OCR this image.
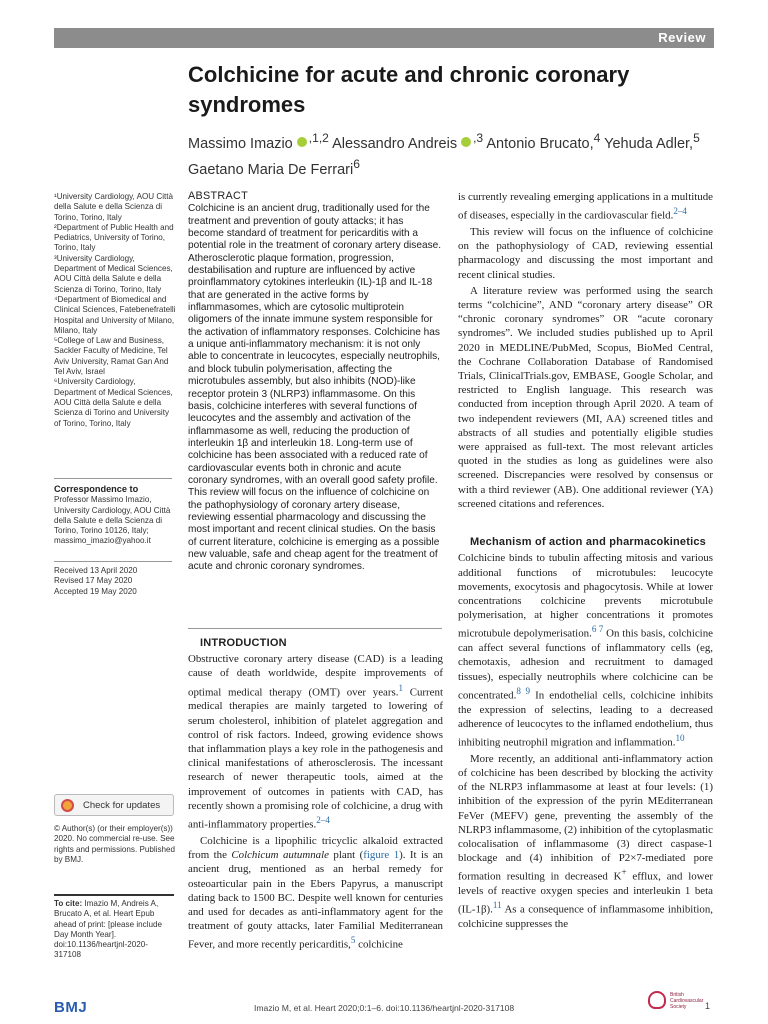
Review
Colchicine for acute and chronic coronary syndromes
Massimo Imazio $^{,1,2}$ Alessandro Andreis $^{,3}$ Antonio Brucato,$^4$ Yehuda Adler,$^5$
Gaetano Maria De Ferrari$^6$

¹University Cardiology, AOU Città della Salute e della Scienza di Torino, Torino, Italy

²Department of Public Health and Pediatrics, University of Torino, Torino, Italy

³University Cardiology, Department of Medical Sciences, AOU Città della Salute e della Scienza di Torino, Torino, Italy

⁴Department of Biomedical and Clinical Sciences, Fatebenefratelli Hospital and University of Milano, Milano, Italy

⁵College of Law and Business, Sackler Faculty of Medicine, Tel Aviv University, Ramat Gan And Tel Aviv, Israel

⁶University Cardiology, Department of Medical Sciences, AOU Città della Salute e della Scienza di Torino and University of Torino, Torino, Italy

Correspondence to

Professor Massimo Imazio, University Cardiology, AOU Città della Salute e della Scienza di Torino, Torino 10126, Italy; massimo_imazio@yahoo.it

Received 13 April 2020

Revised 17 May 2020

Accepted 19 May 2020

Check for updates
© Author(s) (or their employer(s)) 2020. No commercial re-use. See rights and permissions. Published by BMJ.
To cite: Imazio M, Andreis A, Brucato A, et al. Heart Epub ahead of print: [please include Day Month Year]. doi:10.1136/heartjnl-2020-317108
ABSTRACT

Colchicine is an ancient drug, traditionally used for the treatment and prevention of gouty attacks; it has become standard of treatment for pericarditis with a potential role in the treatment of coronary artery disease. Atherosclerotic plaque formation, progression, destabilisation and rupture are influenced by active proinflammatory cytokines interleukin (IL)-1β and IL-18 that are generated in the active forms by inflammasomes, which are cytosolic multiprotein oligomers of the innate immune system responsible for the activation of inflammatory responses. Colchicine has a unique anti-inflammatory mechanism: it is not only able to concentrate in leucocytes, especially neutrophils, and block tubulin polymerisation, affecting the microtubules assembly, but also inhibits (NOD)-like receptor protein 3 (NLRP3) inflammasome. On this basis, colchicine interferes with several functions of leucocytes and the assembly and activation of the inflammasome as well, reducing the production of interleukin 1β and interleukin 18. Long-term use of colchicine has been associated with a reduced rate of cardiovascular events both in chronic and acute coronary syndromes, with an overall good safety profile. This review will focus on the influence of colchicine on the pathophysiology of coronary artery disease, reviewing essential pharmacology and discussing the most important and recent clinical studies. On the basis of current literature, colchicine is emerging as a possible new valuable, safe and cheap agent for the treatment of acute and chronic coronary syndromes.

INTRODUCTION

Obstructive coronary artery disease (CAD) is a leading cause of death worldwide, despite improvements of optimal medical therapy (OMT) over years.$^1$ Current medical therapies are mainly targeted to lowering of serum cholesterol, inhibition of platelet aggregation and control of risk factors. Indeed, growing evidence shows that inflammation plays a key role in the pathogenesis and clinical manifestations of atherosclerosis. The incessant research of newer therapeutic tools, aimed at the improvement of outcomes in patients with CAD, has recently shown a promising role of colchicine, a drug with anti-inflammatory properties.$^{2-4}$

Colchicine is a lipophilic tricyclic alkaloid extracted from the Colchicum autumnale plant (figure 1). It is an ancient drug, mentioned as an herbal remedy for osteoarticular pain in the Ebers Papyrus, a manuscript dating back to 1500 BC. Despite well known for centuries and used for decades as anti-inflammatory agent for the treatment of gouty attacks, later Familial Mediterranean Fever, and more recently pericarditis,$^5$ colchicine

is currently revealing emerging applications in a multitude of diseases, especially in the cardiovascular field.$^{2-4}$

This review will focus on the influence of colchicine on the pathophysiology of CAD, reviewing essential pharmacology and discussing the most important and recent clinical studies.

A literature review was performed using the search terms “colchicine”, AND “coronary artery disease” OR “chronic coronary syndromes” OR “acute coronary syndromes”. We included studies published up to April 2020 in MEDLINE/PubMed, Scopus, BioMed Central, the Cochrane Collaboration Database of Randomised Trials, ClinicalTrials.gov, EMBASE, Google Scholar, and restricted to English language. This research was conducted from inception through April 2020. A team of two independent reviewers (MI, AA) screened titles and abstracts of all studies and potentially eligible studies were appraised as full-text. The most relevant articles quoted in the studies as long as guidelines were also screened. Discrepancies were resolved by consensus or with a third reviewer (AB). One additional reviewer (YA) screened citations and references.

Mechanism of action and pharmacokinetics

Colchicine binds to tubulin affecting mitosis and various additional functions of microtubules: leucocyte movements, exocytosis and phagocytosis. While at lower concentrations colchicine prevents microtubule polymerisation, at higher concentrations it promotes microtubule depolymerisation.$^{6 7}$ On this basis, colchicine can affect several functions of inflammatory cells (eg, chemotaxis, adhesion and recruitment to damaged tissues), especially neutrophils where colchicine can be concentrated.$^{8 9}$ In endothelial cells, colchicine inhibits the expression of selectins, leading to a decreased adherence of leucocytes to the inflamed endothelium, thus inhibiting neutrophil migration and inflammation.$^{10}$

More recently, an additional anti-inflammatory action of colchicine has been described by blocking the activity of the NLRP3 inflammasome at least at four levels: (1) inhibition of the expression of the pyrin MEditerranean FeVer (MEFV) gene, preventing the assembly of the NLRP3 inflammasome, (2) inhibition of the cytoplasmatic colocalisation of inflammasome (3) direct caspase-1 blockage and (4) inhibition of P2×7-mediated pore formation resulting in decreased K+ efflux, and lower levels of reactive oxygen species and interleukin 1 beta (IL-1β).$^{11}$ As a consequence of inflammasome inhibition, colchicine suppresses the

BMJ	Imazio M, et al. Heart 2020;0:1–6. doi:10.1136/heartjnl-2020-317108
British Cardiovascular Society	1
